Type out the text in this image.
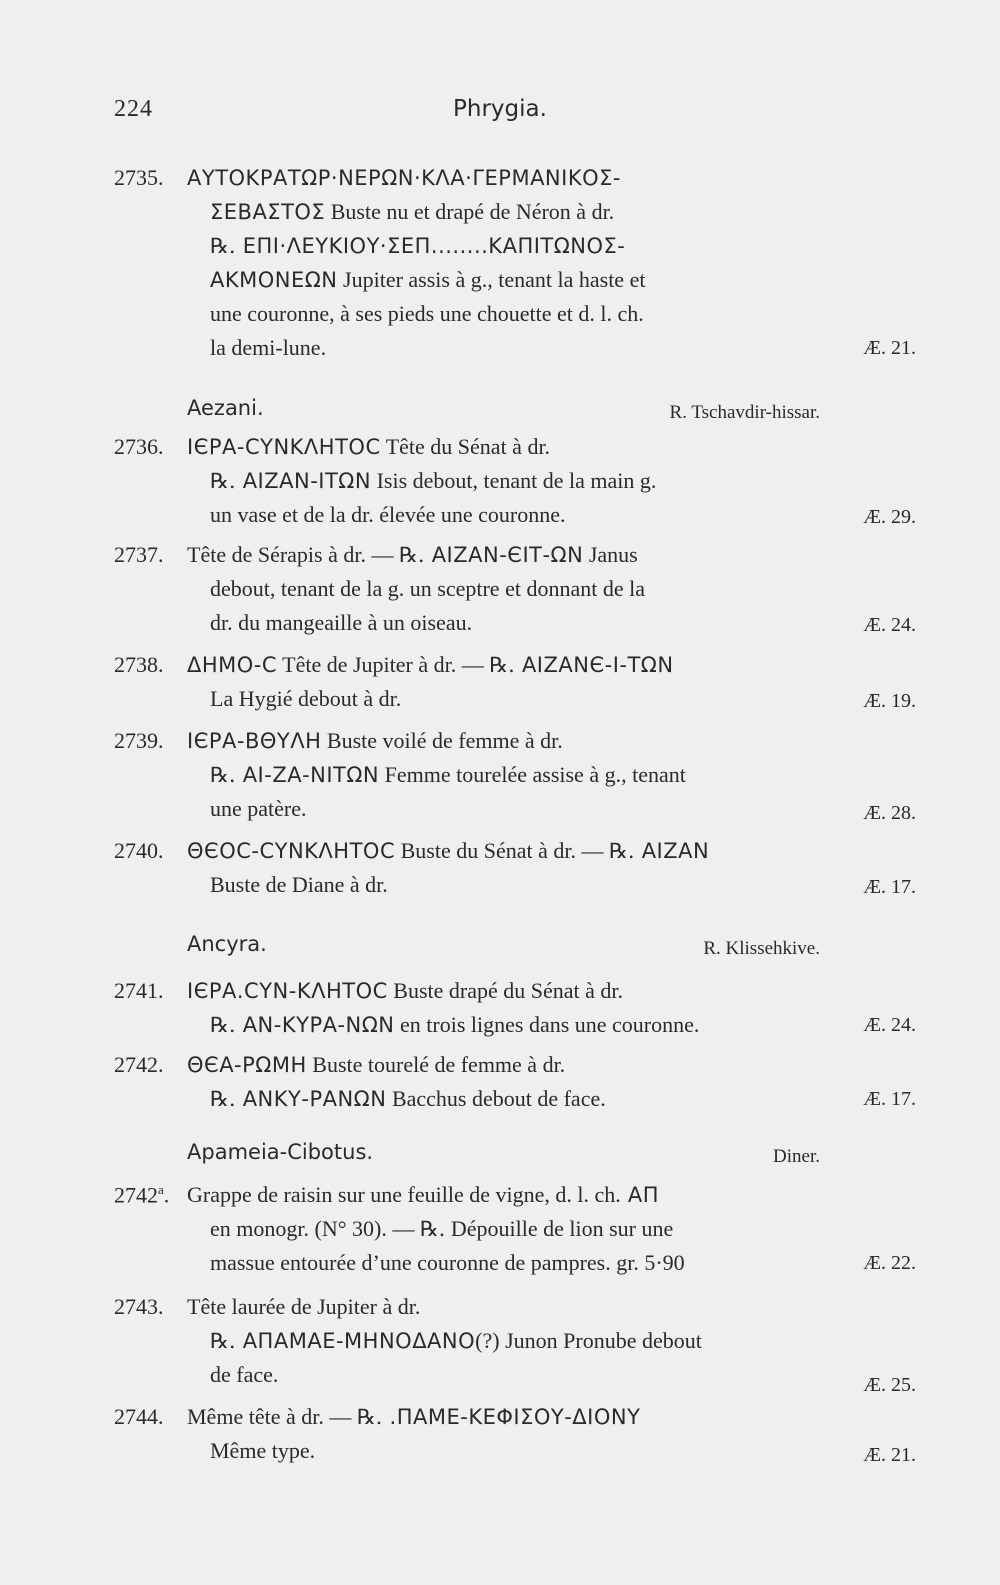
224	Phrygia.
2735. ΑΥΤΟΚΡΑΤΩΡ·ΝΕΡΩΝ·ΚΛΑ·ΓΕΡΜΑΝΙΚΟΣ-
ΣΕΒΑΣΤΟΣ Buste nu et drapé de Néron à dr.
℞. ΕΠΙ·ΛΕΥΚΙΟΥ·ΣΕΠ........ΚΑΠΙΤΩΝΟΣ-
ΑΚΜΟΝΕΩΝ Jupiter assis à g., tenant la haste et
une couronne, à ses pieds une chouette et d. l. ch.
la demi-lune.	Æ. 21.
Aezani.	R. Tschavdir-hissar.
2736. ΙЄΡΑ-CΥΝΚΛΗΤΟC Tête du Sénat à dr.
℞. ΑΙΖΑΝ-ΙΤΩΝ Isis debout, tenant de la main g.
un vase et de la dr. élevée une couronne.	Æ. 29.
2737. Tête de Sérapis à dr. — ℞. ΑΙΖΑΝ-ЄΙΤ-ΩΝ Janus
debout, tenant de la g. un sceptre et donnant de la
dr. du mangeaille à un oiseau.	Æ. 24.
2738. ΔΗΜΟ-C Tête de Jupiter à dr. — ℞. ΑΙΖΑΝЄ-Ι-ΤΩΝ
La Hygié debout à dr.	Æ. 19.
2739. ΙЄΡΑ-ΒΘΥΛΗ Buste voilé de femme à dr.
℞. ΑΙ-ΖΑ-ΝΙΤΩΝ Femme tourelée assise à g., tenant
une patère.	Æ. 28.
2740. ΘЄΟC-CΥΝΚΛΗΤΟC Buste du Sénat à dr. — ℞. ΑΙΖΑΝ
Buste de Diane à dr.	Æ. 17.
Ancyra.	R. Klissehkive.
2741. ΙЄΡΑ.CΥΝ-ΚΛΗΤΟC Buste drapé du Sénat à dr.
℞. ΑΝ-ΚΥΡΑ-ΝΩΝ en trois lignes dans une couronne.	Æ. 24.
2742. ΘЄΑ-ΡΩΜΗ Buste tourelé de femme à dr.
℞. ΑΝΚΥ-ΡΑΝΩΝ Bacchus debout de face.	Æ. 17.
Apameia-Cibotus.	Diner.
2742$^a$. Grappe de raisin sur une feuille de vigne, d. l. ch. ΑΠ
en monogr. (N° 30). — ℞. Dépouille de lion sur une
massue entourée d’une couronne de pampres. gr. 5·90	Æ. 22.
2743. Tête laurée de Jupiter à dr.
℞. ΑΠΑΜΑΕ-ΜΗΝΟΔΑΝΟ(?) Junon Pronube debout
de face.	Æ. 25.
2744. Même tête à dr. — ℞. .ΠΑΜΕ-ΚΕΦΙΣΟΥ-ΔΙΟΝΥ
Même type.	Æ. 21.
